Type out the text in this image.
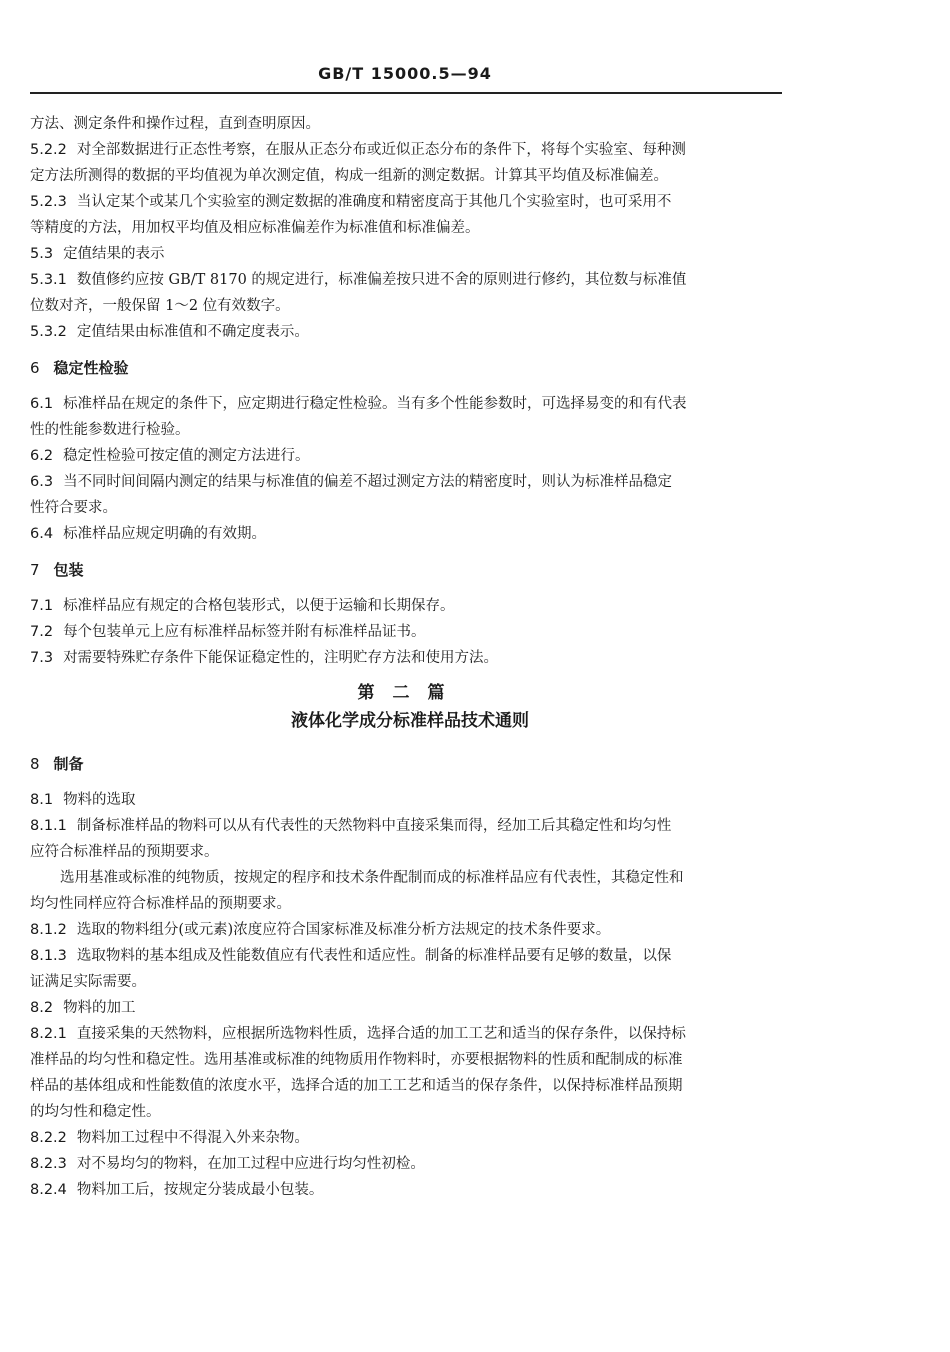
GB/T 15000.5—94

方法、测定条件和操作过程，直到查明原因。

5.2.2 对全部数据进行正态性考察，在服从正态分布或近似正态分布的条件下，将每个实验室、每种测

定方法所测得的数据的平均值视为单次测定值，构成一组新的测定数据。计算其平均值及标准偏差。

5.2.3 当认定某个或某几个实验室的测定数据的准确度和精密度高于其他几个实验室时，也可采用不

等精度的方法，用加权平均值及相应标准偏差作为标准值和标准偏差。

5.3 定值结果的表示

5.3.1 数值修约应按 GB/T 8170 的规定进行，标准偏差按只进不舍的原则进行修约，其位数与标准值

位数对齐，一般保留 1～2 位有效数字。

5.3.2 定值结果由标准值和不确定度表示。

6 稳定性检验

6.1 标准样品在规定的条件下，应定期进行稳定性检验。当有多个性能参数时，可选择易变的和有代表

性的性能参数进行检验。

6.2 稳定性检验可按定值的测定方法进行。

6.3 当不同时间间隔内测定的结果与标准值的偏差不超过测定方法的精密度时，则认为标准样品稳定

性符合要求。

6.4 标准样品应规定明确的有效期。

7 包装

7.1 标准样品应有规定的合格包装形式，以便于运输和长期保存。

7.2 每个包装单元上应有标准样品标签并附有标准样品证书。

7.3 对需要特殊贮存条件下能保证稳定性的，注明贮存方法和使用方法。

第二篇
液体化学成分标准样品技术通则
8 制备

8.1 物料的选取

8.1.1 制备标准样品的物料可以从有代表性的天然物料中直接采集而得，经加工后其稳定性和均匀性

应符合标准样品的预期要求。

选用基准或标准的纯物质，按规定的程序和技术条件配制而成的标准样品应有代表性，其稳定性和

均匀性同样应符合标准样品的预期要求。

8.1.2 选取的物料组分(或元素)浓度应符合国家标准及标准分析方法规定的技术条件要求。

8.1.3 选取物料的基本组成及性能数值应有代表性和适应性。制备的标准样品要有足够的数量，以保

证满足实际需要。

8.2 物料的加工

8.2.1 直接采集的天然物料，应根据所选物料性质，选择合适的加工工艺和适当的保存条件，以保持标

准样品的均匀性和稳定性。选用基准或标准的纯物质用作物料时，亦要根据物料的性质和配制成的标准

样品的基体组成和性能数值的浓度水平，选择合适的加工工艺和适当的保存条件，以保持标准样品预期

的均匀性和稳定性。

8.2.2 物料加工过程中不得混入外来杂物。

8.2.3 对不易均匀的物料，在加工过程中应进行均匀性初检。

8.2.4 物料加工后，按规定分装成最小包装。
